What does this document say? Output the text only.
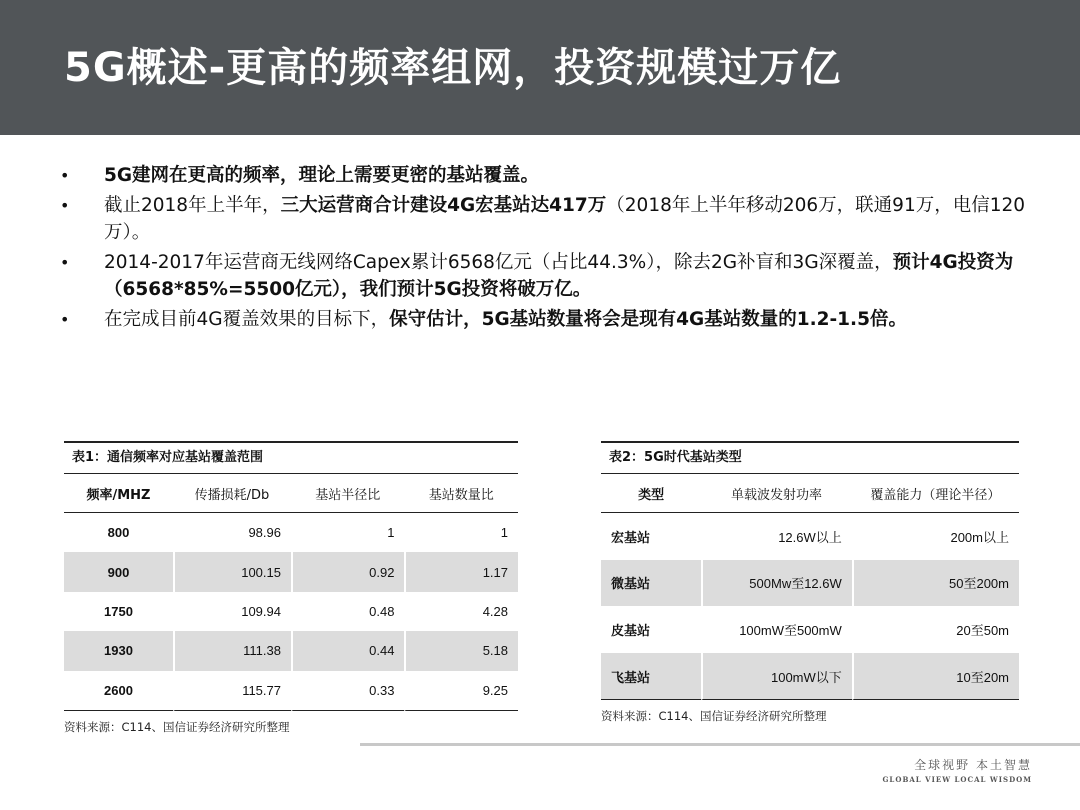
5G概述-更高的频率组网，投资规模过万亿
• 5G建网在更高的频率，理论上需要更密的基站覆盖。
• 截止2018年上半年，三大运营商合计建设4G宏基站达417万（2018年上半年移动206万，联通91万，电信120万）。
• 2014-2017年运营商无线网络Capex累计6568亿元（占比44.3%），除去2G补盲和3G深覆盖，预计4G投资为（6568*85%=5500亿元），我们预计5G投资将破万亿。
• 在完成目前4G覆盖效果的目标下，保守估计，5G基站数量将会是现有4G基站数量的1.2-1.5倍。
表1：通信频率对应基站覆盖范围
频率/MHZ	传播损耗/Db	基站半径比	基站数量比
800	98.96	1	1
900	100.15	0.92	1.17
1750	109.94	0.48	4.28
1930	111.38	0.44	5.18
2600	115.77	0.33	9.25
资料来源：C114、国信证券经济研究所整理
表2：5G时代基站类型
类型	单载波发射功率	覆盖能力（理论半径）
宏基站	12.6W以上	200m以上
微基站	500Mw至12.6W	50至200m
皮基站	100mW至500mW	20至50m
飞基站	100mW以下	10至20m
资料来源：C114、国信证券经济研究所整理
全球视野 本土智慧
GLOBAL VIEW LOCAL WISDOM
